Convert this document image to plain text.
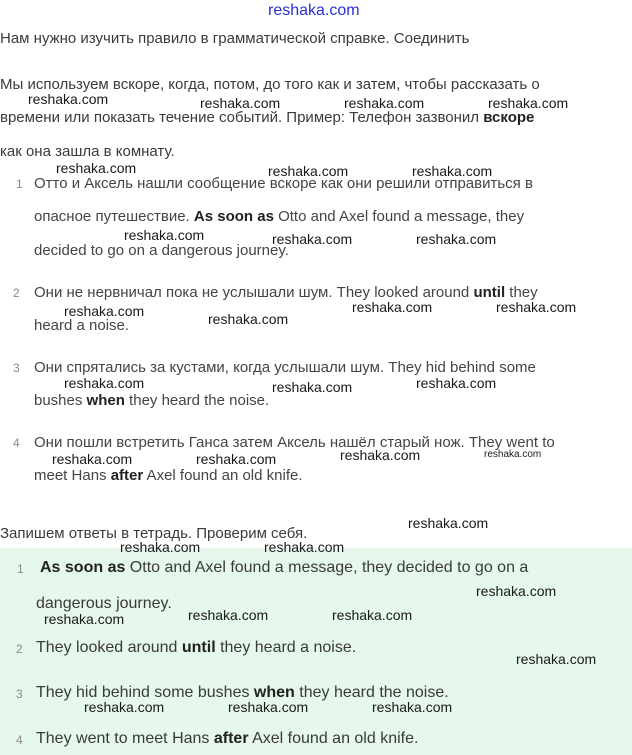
reshaka.com
Нам нужно изучить правило в грамматической справке. Соединить
Мы используем вскоре, когда, потом, до того как и затем, чтобы рассказать о
времени или показать течение событий. Пример: Телефон зазвонил вскоре
как она зашла в комнату.
1 Отто и Аксель нашли сообщение вскоре как они решили отправиться в
опасное путешествие. As soon as Otto and Axel found a message, they
decided to go on a dangerous journey.
2 Они не нервничал пока не услышали шум. They looked around until they
heard a noise.
3 Они спрятались за кустами, когда услышали шум. They hid behind some
bushes when they heard the noise.
4 Они пошли встретить Ганса затем Аксель нашёл старый нож. They went to
meet Hans after Axel found an old knife.
Запишем ответы в тетрадь. Проверим себя.
1 As soon as Otto and Axel found a message, they decided to go on a
dangerous journey.
2 They looked around until they heard a noise.
3 They hid behind some bushes when they heard the noise.
4 They went to meet Hans after Axel found an old knife.
reshaka.com	reshaka.com	reshaka.com	reshaka.com
reshaka.com	reshaka.com	reshaka.com
reshaka.com	reshaka.com	reshaka.com
reshaka.com	reshaka.com
reshaka.com	reshaka.com
reshaka.com	reshaka.com	reshaka.com
reshaka.com	reshaka.com	reshaka.com	reshaka.com
reshaka.com
reshaka.com	reshaka.com
reshaka.com
reshaka.com	reshaka.com	reshaka.com
reshaka.com
reshaka.com	reshaka.com	reshaka.com
